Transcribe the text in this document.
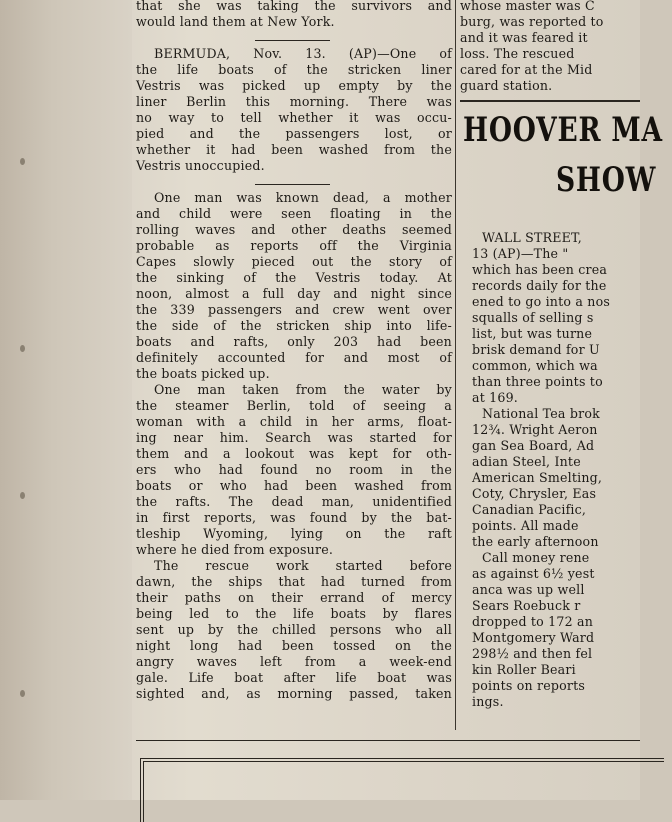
that she was taking the survivors and
would land them at New York.
BERMUDA, Nov. 13. (AP)—One of
the life boats of the stricken liner
Vestris was picked up empty by the
liner Berlin this morning. There was
no way to tell whether it was occu-
pied and the passengers lost, or
whether it had been washed from the
Vestris unoccupied.
One man was known dead, a mother
and child were seen floating in the
rolling waves and other deaths seemed
probable as reports off the Virginia
Capes slowly pieced out the story of
the sinking of the Vestris today. At
noon, almost a full day and night since
the 339 passengers and crew went over
the side of the stricken ship into life-
boats and rafts, only 203 had been
definitely accounted for and most of
the boats picked up.
One man taken from the water by
the steamer Berlin, told of seeing a
woman with a child in her arms, float-
ing near him. Search was started for
them and a lookout was kept for oth-
ers who had found no room in the
boats or who had been washed from
the rafts. The dead man, unidentified
in first reports, was found by the bat-
tleship Wyoming, lying on the raft
where he died from exposure.
The rescue work started before
dawn, the ships that had turned from
their paths on their errand of mercy
being led to the life boats by flares
sent up by the chilled persons who all
night long had been tossed on the
angry waves left from a week-end
gale. Life boat after life boat was
sighted and, as morning passed, taken
whose master was C
burg, was reported to
and it was feared it
loss. The rescued
cared for at the Mid
guard station.
HOOVER MA
SHOW
WALL STREET,
13 (AP)—The "
which has been crea
records daily for the
ened to go into a nos
squalls of selling s
list, but was turne
brisk demand for U
common, which wa
than three points to
at 169.
National Tea brok
12¾. Wright Aeron
gan Sea Board, Ad
adian Steel, Inte
American Smelting,
Coty, Chrysler, Eas
Canadian Pacific,
points. All made
the early afternoon
Call money rene
as against 6½ yest
anca was up well
Sears Roebuck r
dropped to 172 an
Montgomery Ward
298½ and then fel
kin Roller Beari
points on reports
ings.
